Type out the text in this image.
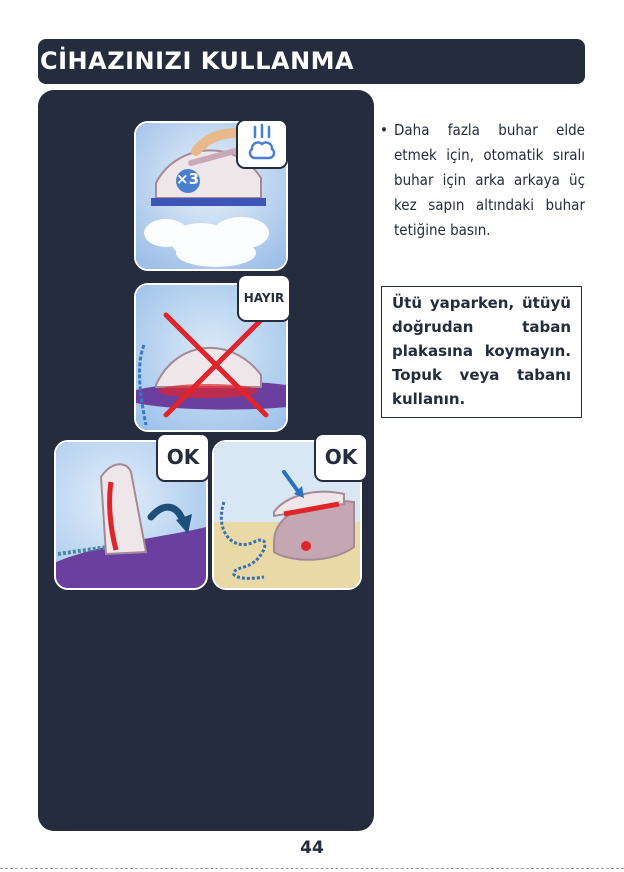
CİHAZINIZI KULLANMA
×3
HAYIR
OK	OK
• Daha fazla buhar elde etmek için, otomatik sıralı buhar için arka arkaya üç kez sapın altındaki buhar tetiğine basın.
Ütü yaparken, ütüyü doğrudan taban plakasına koymayın. Topuk veya tabanı kullanın.
44
